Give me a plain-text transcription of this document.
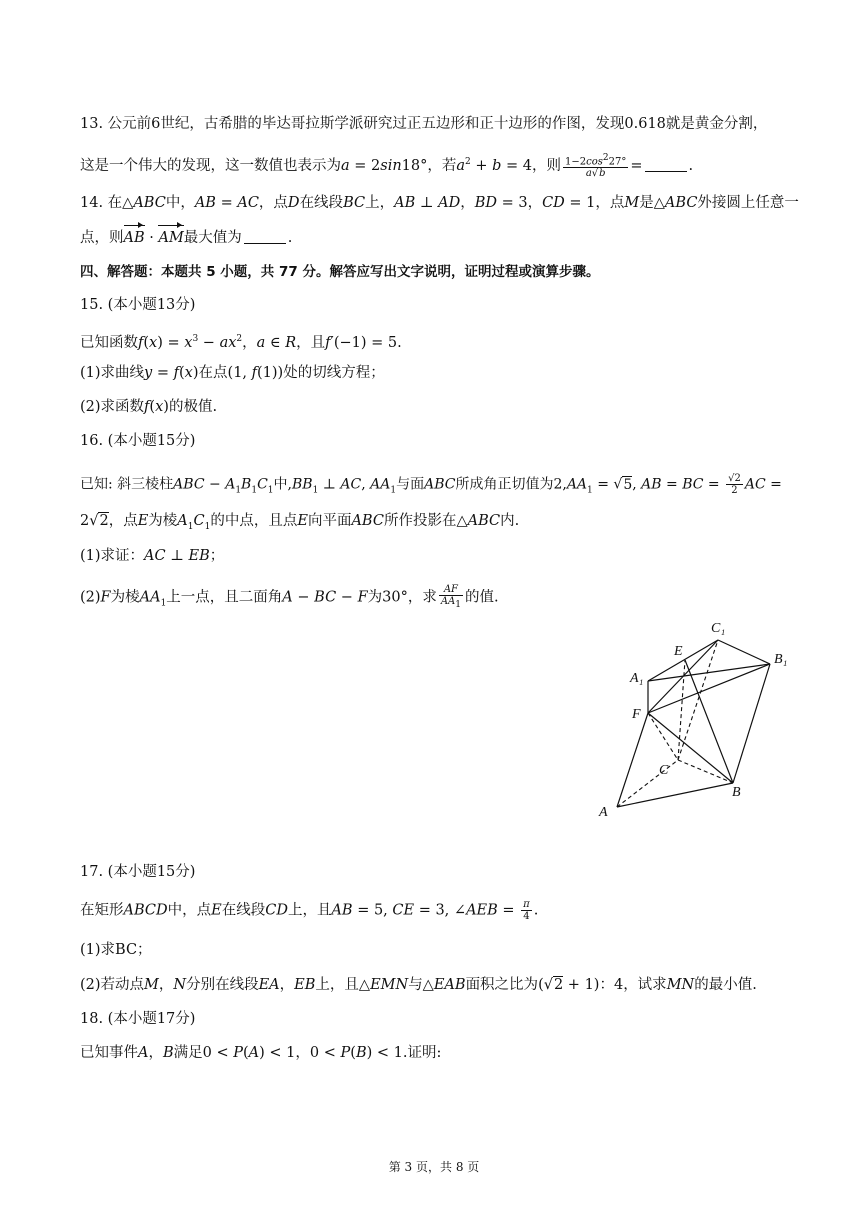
13. 公元前6世纪，古希腊的毕达哥拉斯学派研究过正五边形和正十边形的作图，发现0.618就是黄金分割，
这是一个伟大的发现，这一数值也表示为a = 2sin18°，若$a^2 + b = 4$，则 $\frac{1-2\cos^227^\circ}{a√b}$ =	.
14. 在△ABC中，AB = AC，点D在线段BC上，AB ⊥ AD，BD = 3，CD = 1，点M是△ABC外接圆上任意一
点，则AB · AM最大值为	.
四、解答题：本题共 5 小题，共 77 分。解答应写出文字说明，证明过程或演算步骤。
15. (本小题13分)
已知函数$f(x) = x^3 - ax^2$，a ∈ R，且f′(−1) = 5.
(1)求曲线y = f(x)在点(1, f(1))处的切线方程；
(2)求函数f(x)的极值.
16. (本小题15分)
已知: 斜三棱柱ABC − $A_1B_1C_1$中$,BB_1$ ⊥ AC, $AA_1$与面ABC所成角正切值为$2,AA_1 = √5$, AB = BC = $\frac{√2}{2}$ AC =
2√2，点E为棱$A_1C_1$的中点，且点E向平面ABC所作投影在△ABC内.
(1)求证：AC ⊥ EB；
(2)F为棱$AA_1$上一点，且二面角A − BC − F为30°，求 $\frac{AF}{AA_1}$ 的值.
C₁
E
B₁
A₁
F
C
B
A
17. (本小题15分)
在矩形ABCD中，点E在线段CD上，且AB = 5, CE = 3, ∠AEB = $\frac{\pi}{4}$ .
(1)求BC；
(2)若动点M，N分别在线段EA，EB上，且△EMN与△EAB面积之比为(√2 + 1)：4，试求MN的最小值.
18. (本小题17分)
已知事件A，B满足0 < P(A) < 1，0 < P(B) < 1.证明:
第 3 页，共 8 页
